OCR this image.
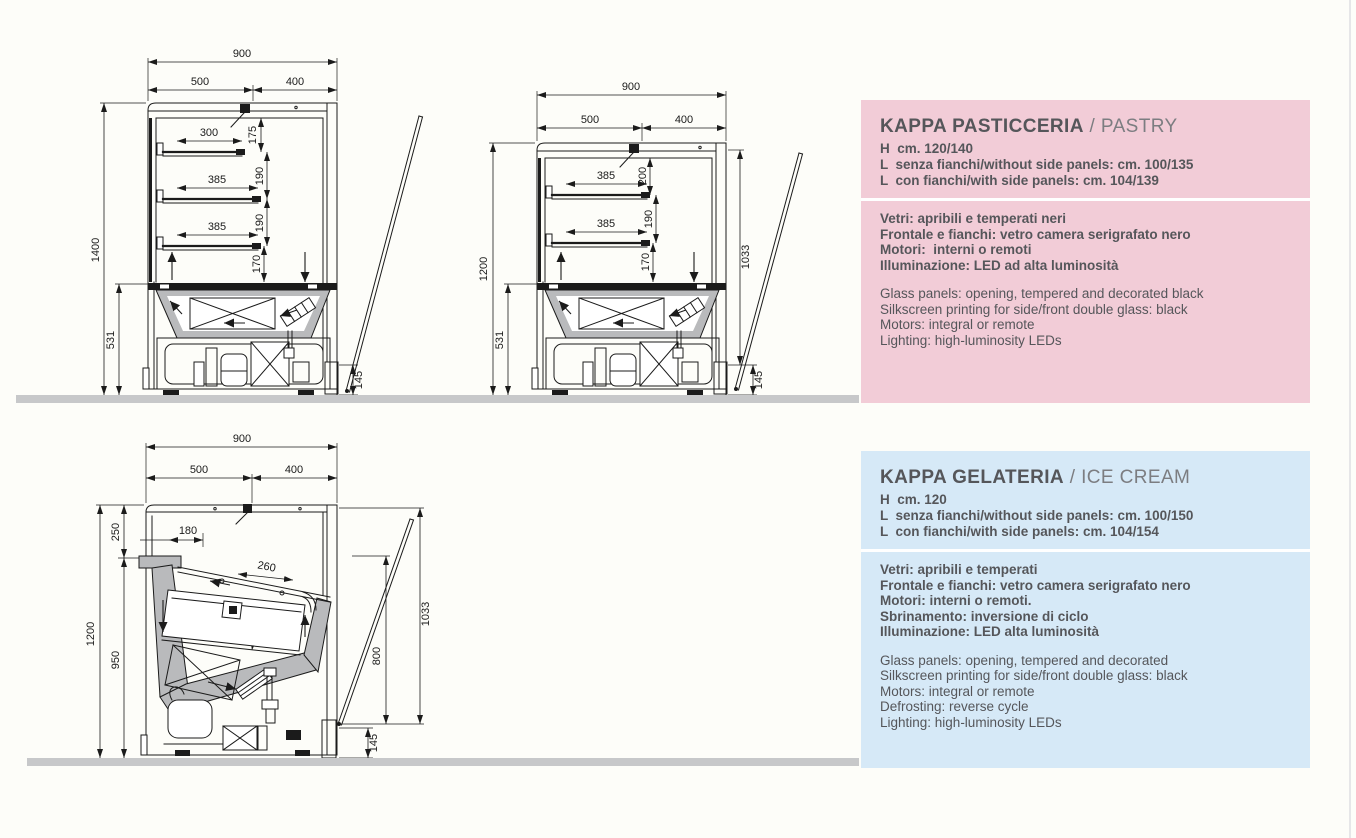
900
500	400
300
385
385
175
190
190
170
1400
531
145
900
500	400
385
385
200
190
170
1200
531
1033
145
900
500	400
180
250
1200
950
260
1033
800
145
KAPPA PASTICCERIA / PASTRY
H  cm. 120/140
L  senza fianchi/without side panels: cm. 100/135
L  con fianchi/with side panels: cm. 104/139
Vetri: apribili e temperati neri
Frontale e fianchi: vetro camera serigrafato nero
Motori:  interni o remoti
Illuminazione: LED ad alta luminosità
Glass panels: opening, tempered and decorated black
Silkscreen printing for side/front double glass: black
Motors: integral or remote
Lighting: high-luminosity LEDs
KAPPA GELATERIA / ICE CREAM
H  cm. 120
L  senza fianchi/without side panels: cm. 100/150
L  con fianchi/with side panels: cm. 104/154
Vetri: apribili e temperati
Frontale e fianchi: vetro camera serigrafato nero
Motori: interni o remoti.
Sbrinamento: inversione di ciclo
Illuminazione: LED alta luminosità
Glass panels: opening, tempered and decorated
Silkscreen printing for side/front double glass: black
Motors: integral or remote
Defrosting: reverse cycle
Lighting: high-luminosity LEDs
